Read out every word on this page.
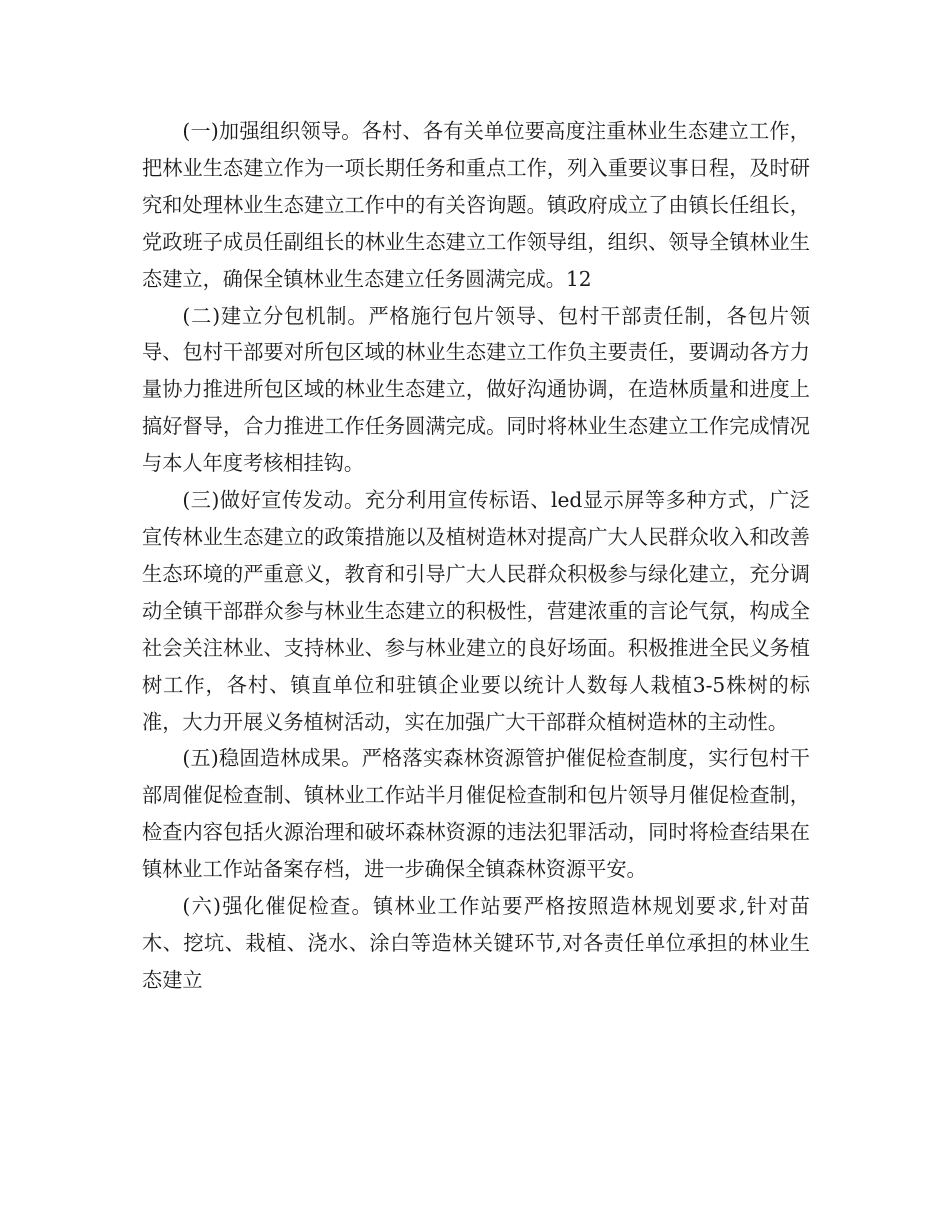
(一)加强组织领导。各村、各有关单位要高度注重林业生态建立工作，把林业生态建立作为一项长期任务和重点工作，列入重要议事日程，及时研究和处理林业生态建立工作中的有关咨询题。镇政府成立了由镇长任组长，党政班子成员任副组长的林业生态建立工作领导组，组织、领导全镇林业生态建立，确保全镇林业生态建立任务圆满完成。12

(二)建立分包机制。严格施行包片领导、包村干部责任制，各包片领导、包村干部要对所包区域的林业生态建立工作负主要责任，要调动各方力量协力推进所包区域的林业生态建立，做好沟通协调，在造林质量和进度上搞好督导，合力推进工作任务圆满完成。同时将林业生态建立工作完成情况与本人年度考核相挂钩。

(三)做好宣传发动。充分利用宣传标语、led显示屏等多种方式，广泛宣传林业生态建立的政策措施以及植树造林对提高广大人民群众收入和改善生态环境的严重意义，教育和引导广大人民群众积极参与绿化建立，充分调动全镇干部群众参与林业生态建立的积极性，营建浓重的言论气氛，构成全社会关注林业、支持林业、参与林业建立的良好场面。积极推进全民义务植树工作，各村、镇直单位和驻镇企业要以统计人数每人栽植3-5株树的标准，大力开展义务植树活动，实在加强广大干部群众植树造林的主动性。

(五)稳固造林成果。严格落实森林资源管护催促检查制度，实行包村干部周催促检查制、镇林业工作站半月催促检查制和包片领导月催促检查制，检查内容包括火源治理和破坏森林资源的违法犯罪活动，同时将检查结果在镇林业工作站备案存档，进一步确保全镇森林资源平安。

(六)强化催促检查。镇林业工作站要严格按照造林规划要求,针对苗木、挖坑、栽植、浇水、涂白等造林关键环节,对各责任单位承担的林业生态建立
